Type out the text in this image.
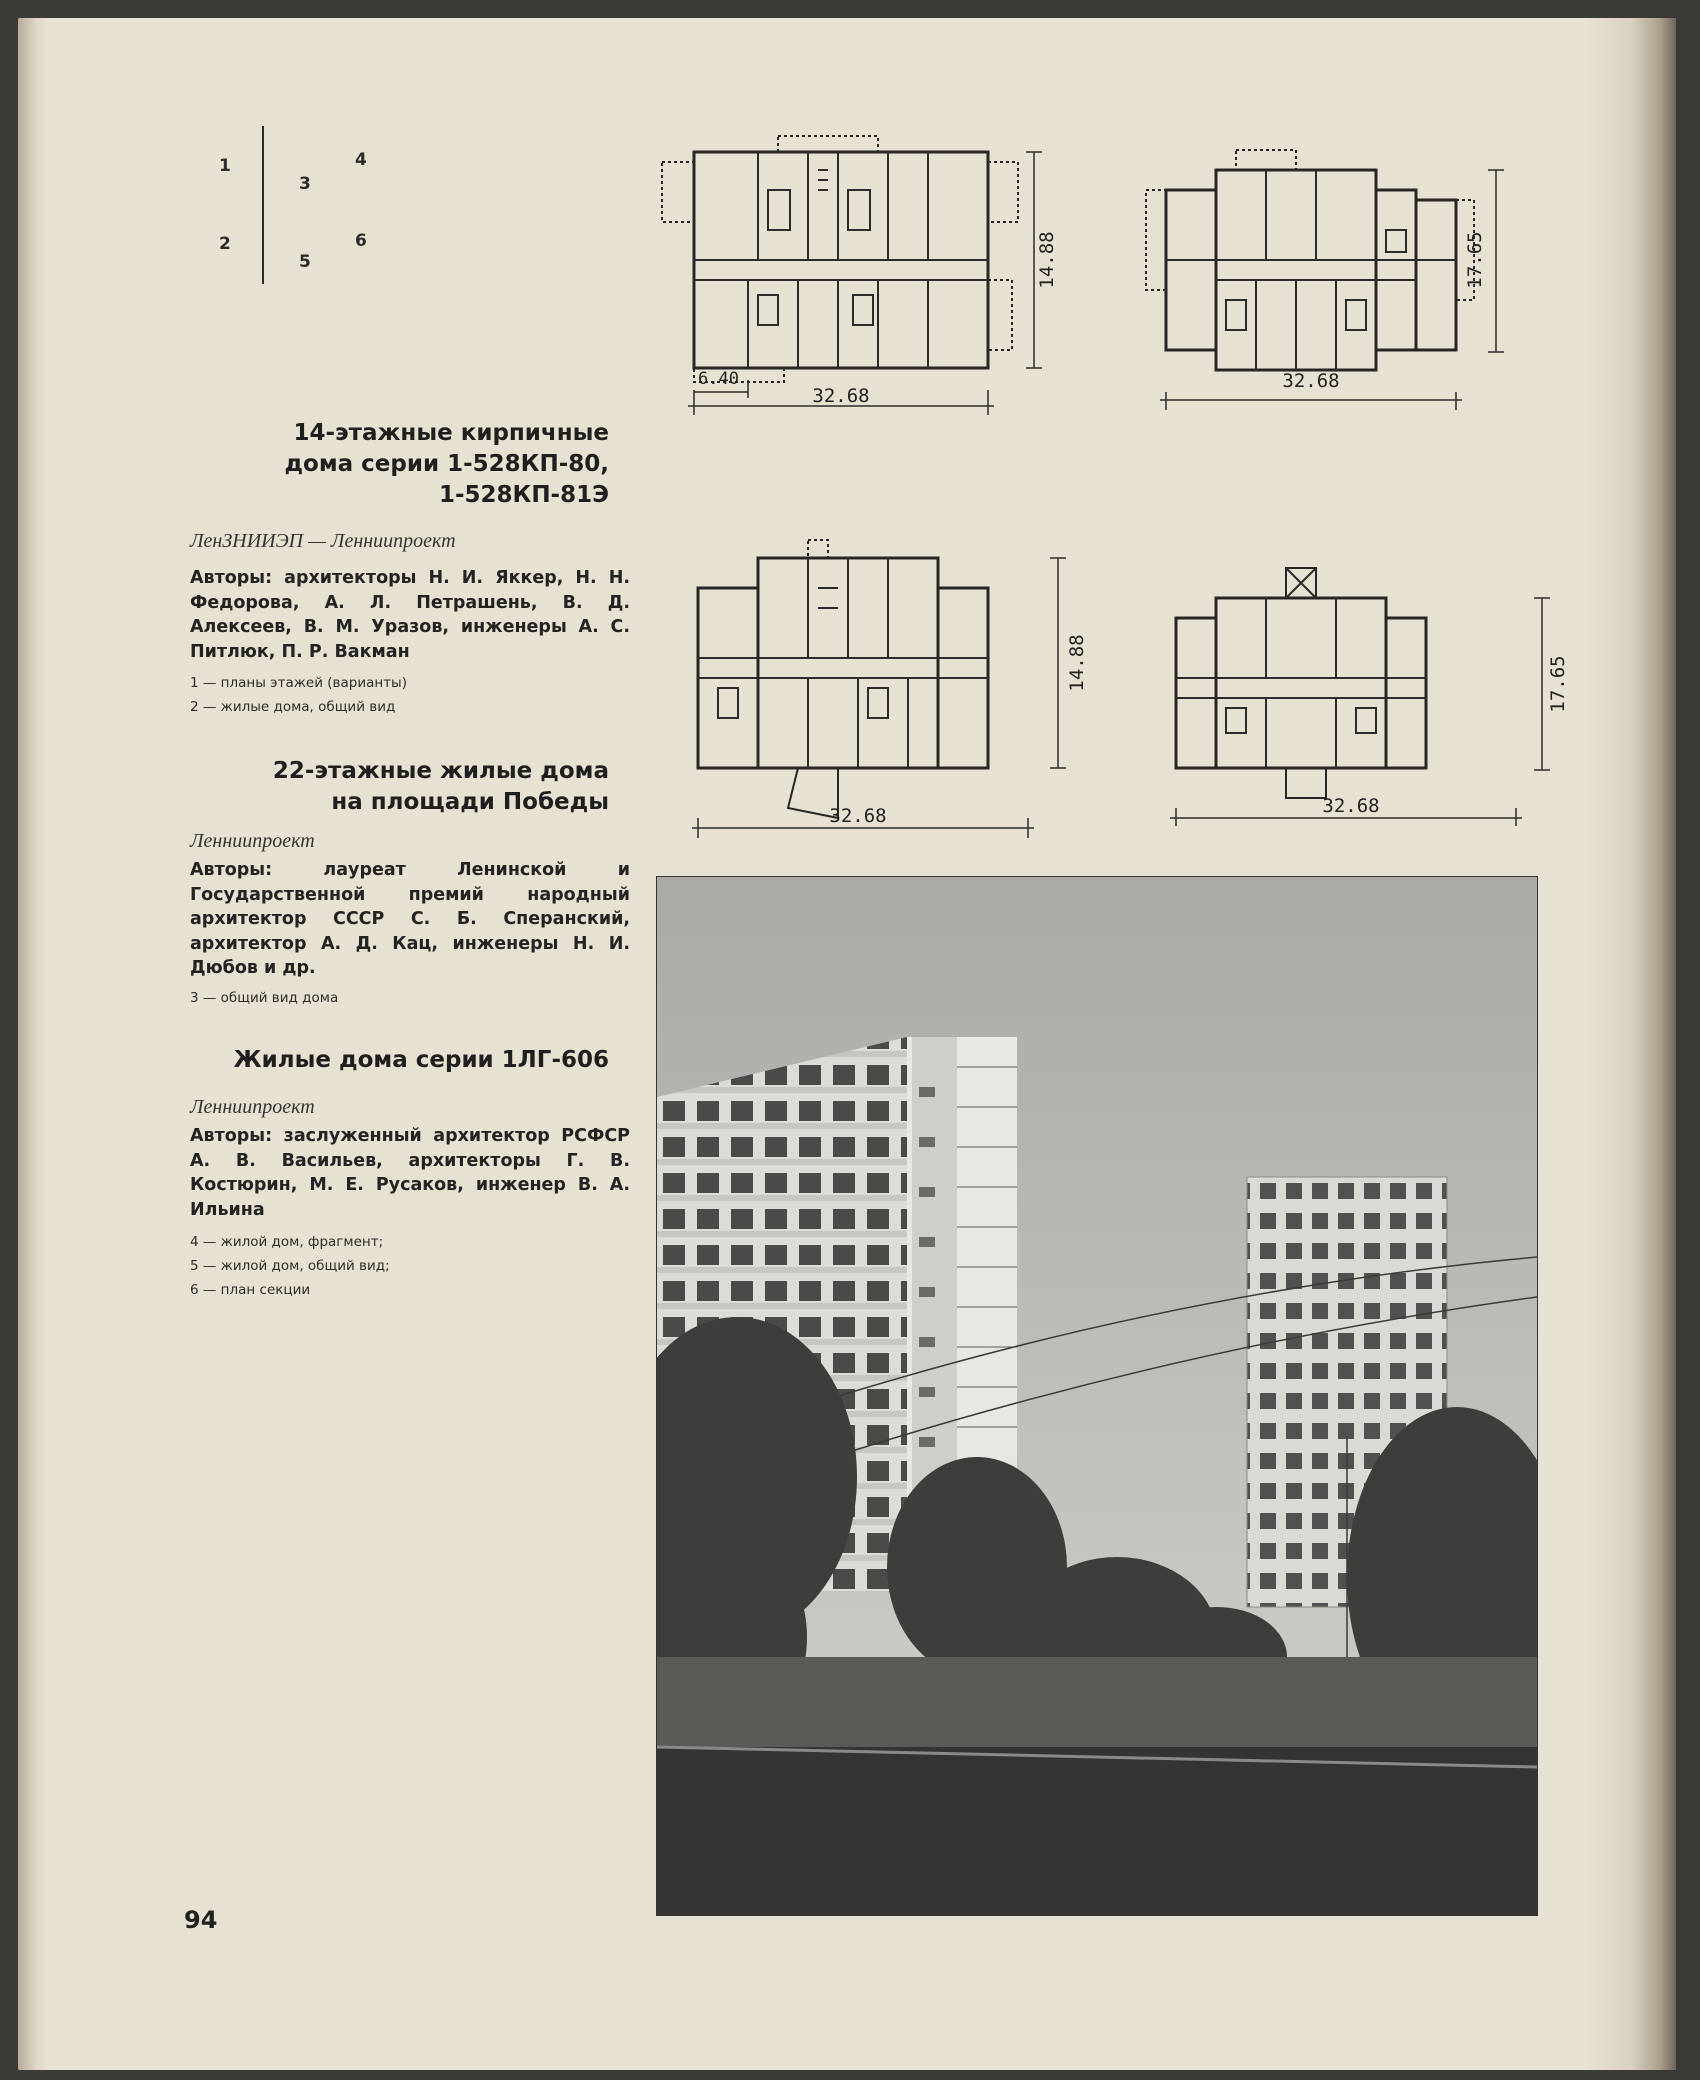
1
2
3
4
5
6
14-этажные кирпичные
дома серии 1-528КП-80,
1-528КП-81Э
ЛенЗНИИЭП — Ленниипроект
Авторы: архитекторы Н. И. Яккер, Н. Н. Федорова, А. Л. Петрашень, В. Д. Алексеев, В. М. Уразов, инженеры А. С. Питлюк, П. Р. Вакман
1 — планы этажей (варианты)
2 — жилые дома, общий вид
22-этажные жилые дома
на площади Победы
Ленниипроект
Авторы: лауреат Ленинской и Государственной премий народный архитектор СССР С. Б. Сперанский, архитектор А. Д. Кац, инженеры Н. И. Дюбов и др.
3 — общий вид дома
Жилые дома серии 1ЛГ-606
Ленниипроект
Авторы: заслуженный архитектор РСФСР А. В. Васильев, архитекторы Г. В. Костюрин, М. Е. Русаков, инженер В. А. Ильина
4 — жилой дом, фрагмент;
5 — жилой дом, общий вид;
6 — план секции
32.68
6.40
14.88
32.68
17.65
32.68
14.88
32.68
17.65
94
